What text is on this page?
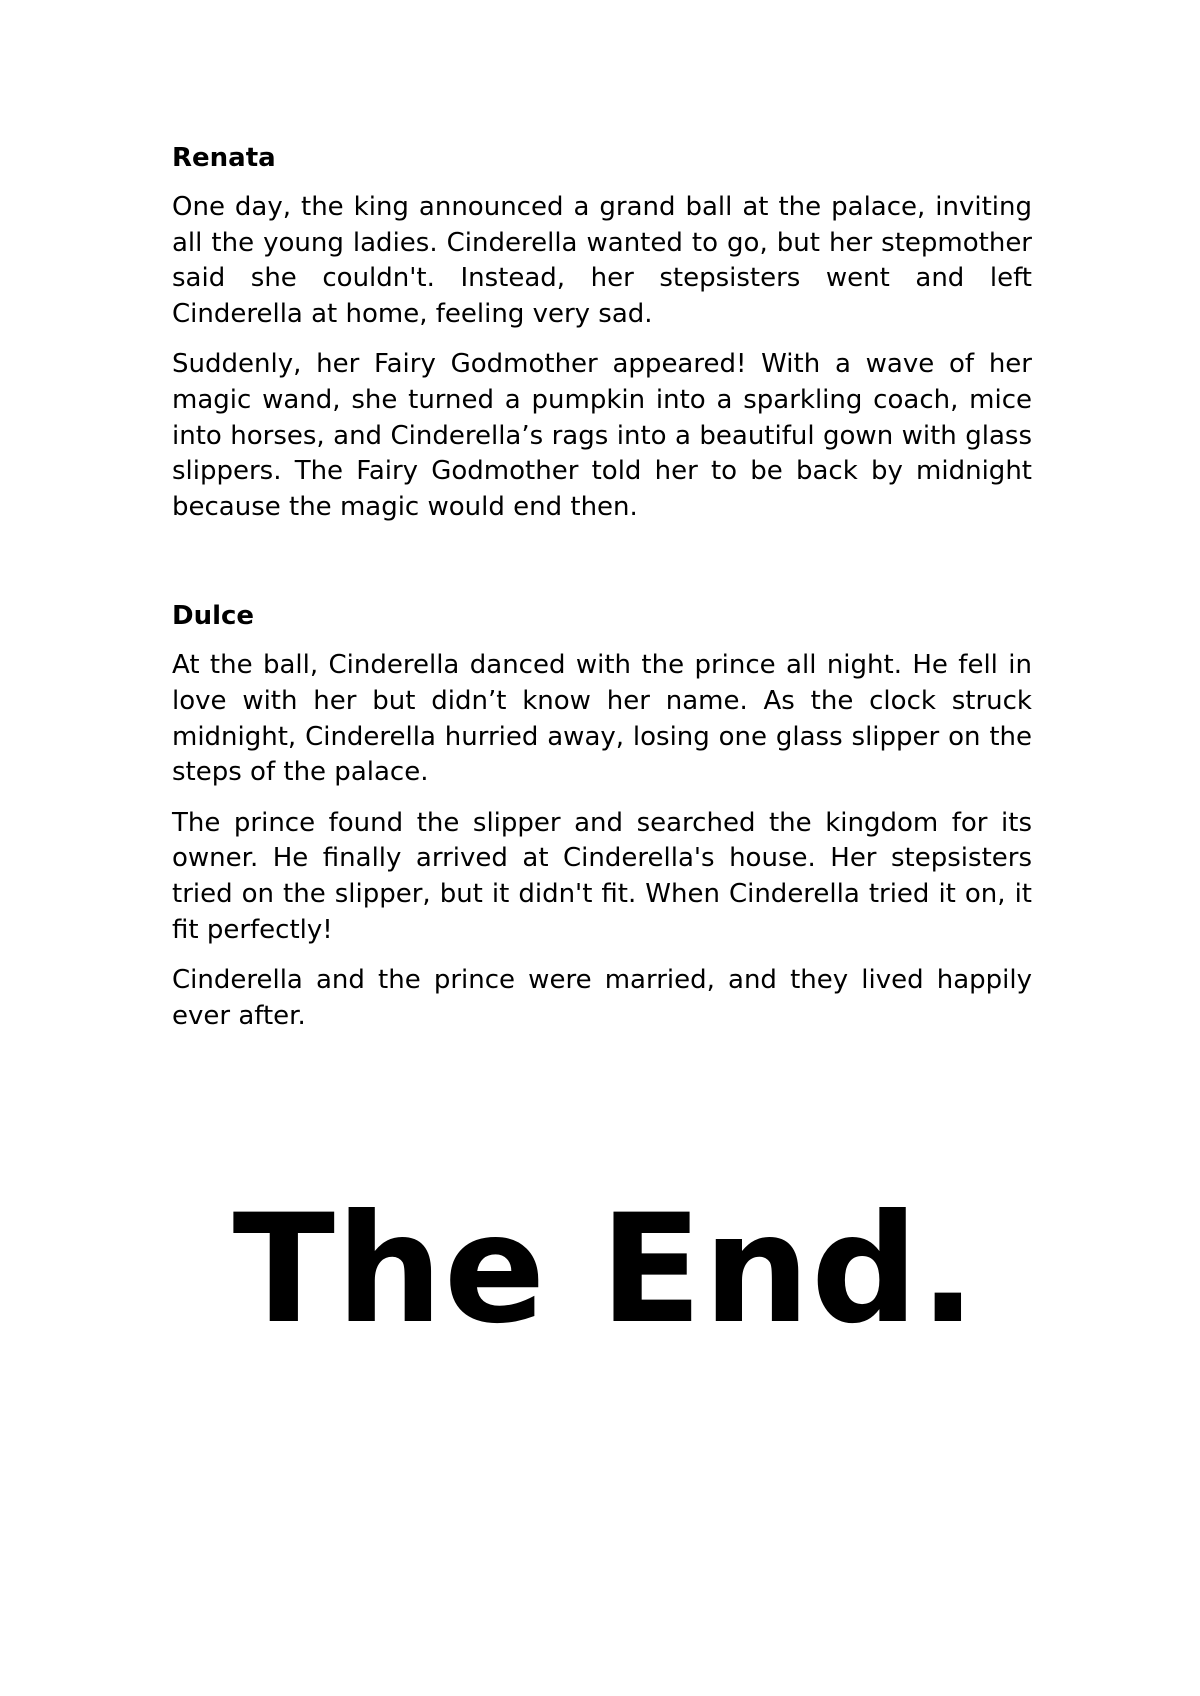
Renata

One day, the king announced a grand ball at the palace, inviting all the young ladies. Cinderella wanted to go, but her stepmother said she couldn't. Instead, her stepsisters went and left Cinderella at home, feeling very sad.

Suddenly, her Fairy Godmother appeared! With a wave of her magic wand, she turned a pumpkin into a sparkling coach, mice into horses, and Cinderella’s rags into a beautiful gown with glass slippers. The Fairy Godmother told her to be back by midnight because the magic would end then.

Dulce

At the ball, Cinderella danced with the prince all night. He fell in love with her but didn’t know her name. As the clock struck midnight, Cinderella hurried away, losing one glass slipper on the steps of the palace.

The prince found the slipper and searched the kingdom for its owner. He finally arrived at Cinderella's house. Her stepsisters tried on the slipper, but it didn't fit. When Cinderella tried it on, it fit perfectly!

Cinderella and the prince were married, and they lived happily ever after.

The End.
